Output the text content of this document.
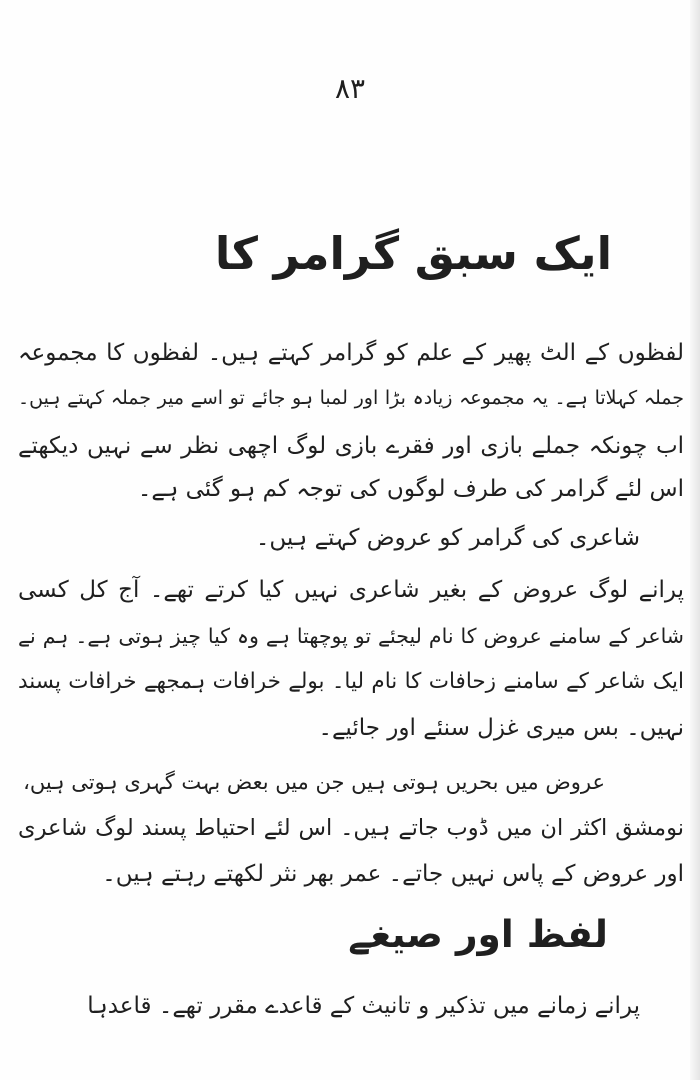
۸۳
ایک سبق گرامر کا
لفظوں کے الٹ پھیر کے علم کو گرامر کہتے ہیں۔ لفظوں کا مجموعہ
جملہ کہلاتا ہے۔ یہ مجموعہ زیادہ بڑا اور لمبا ہو جائے تو اسے میر جملہ کہتے ہیں۔
اب چونکہ جملے بازی اور فقرے بازی لوگ اچھی نظر سے نہیں دیکھتے
اس لئے گرامر کی طرف لوگوں کی توجہ کم ہو گئی ہے۔
شاعری کی گرامر کو عروض کہتے ہیں۔
پرانے لوگ عروض کے بغیر شاعری نہیں کیا کرتے تھے۔ آج کل کسی
شاعر کے سامنے عروض کا نام لیجئے تو پوچھتا ہے وہ کیا چیز ہوتی ہے۔ ہم نے
ایک شاعر کے سامنے زحافات کا نام لیا۔ بولے خرافات ہمجھے خرافات پسند
نہیں۔ بس میری غزل سنئے اور جائیے۔
عروض میں بحریں ہوتی ہیں جن میں بعض بہت گہری ہوتی ہیں،
نومشق اکثر ان میں ڈوب جاتے ہیں۔ اس لئے احتیاط پسند لوگ شاعری
اور عروض کے پاس نہیں جاتے۔ عمر بھر نثر لکھتے رہتے ہیں۔
لفظ اور صیغے
پرانے زمانے میں تذکیر و تانیث کے قاعدے مقرر تھے۔ قاعدہا
